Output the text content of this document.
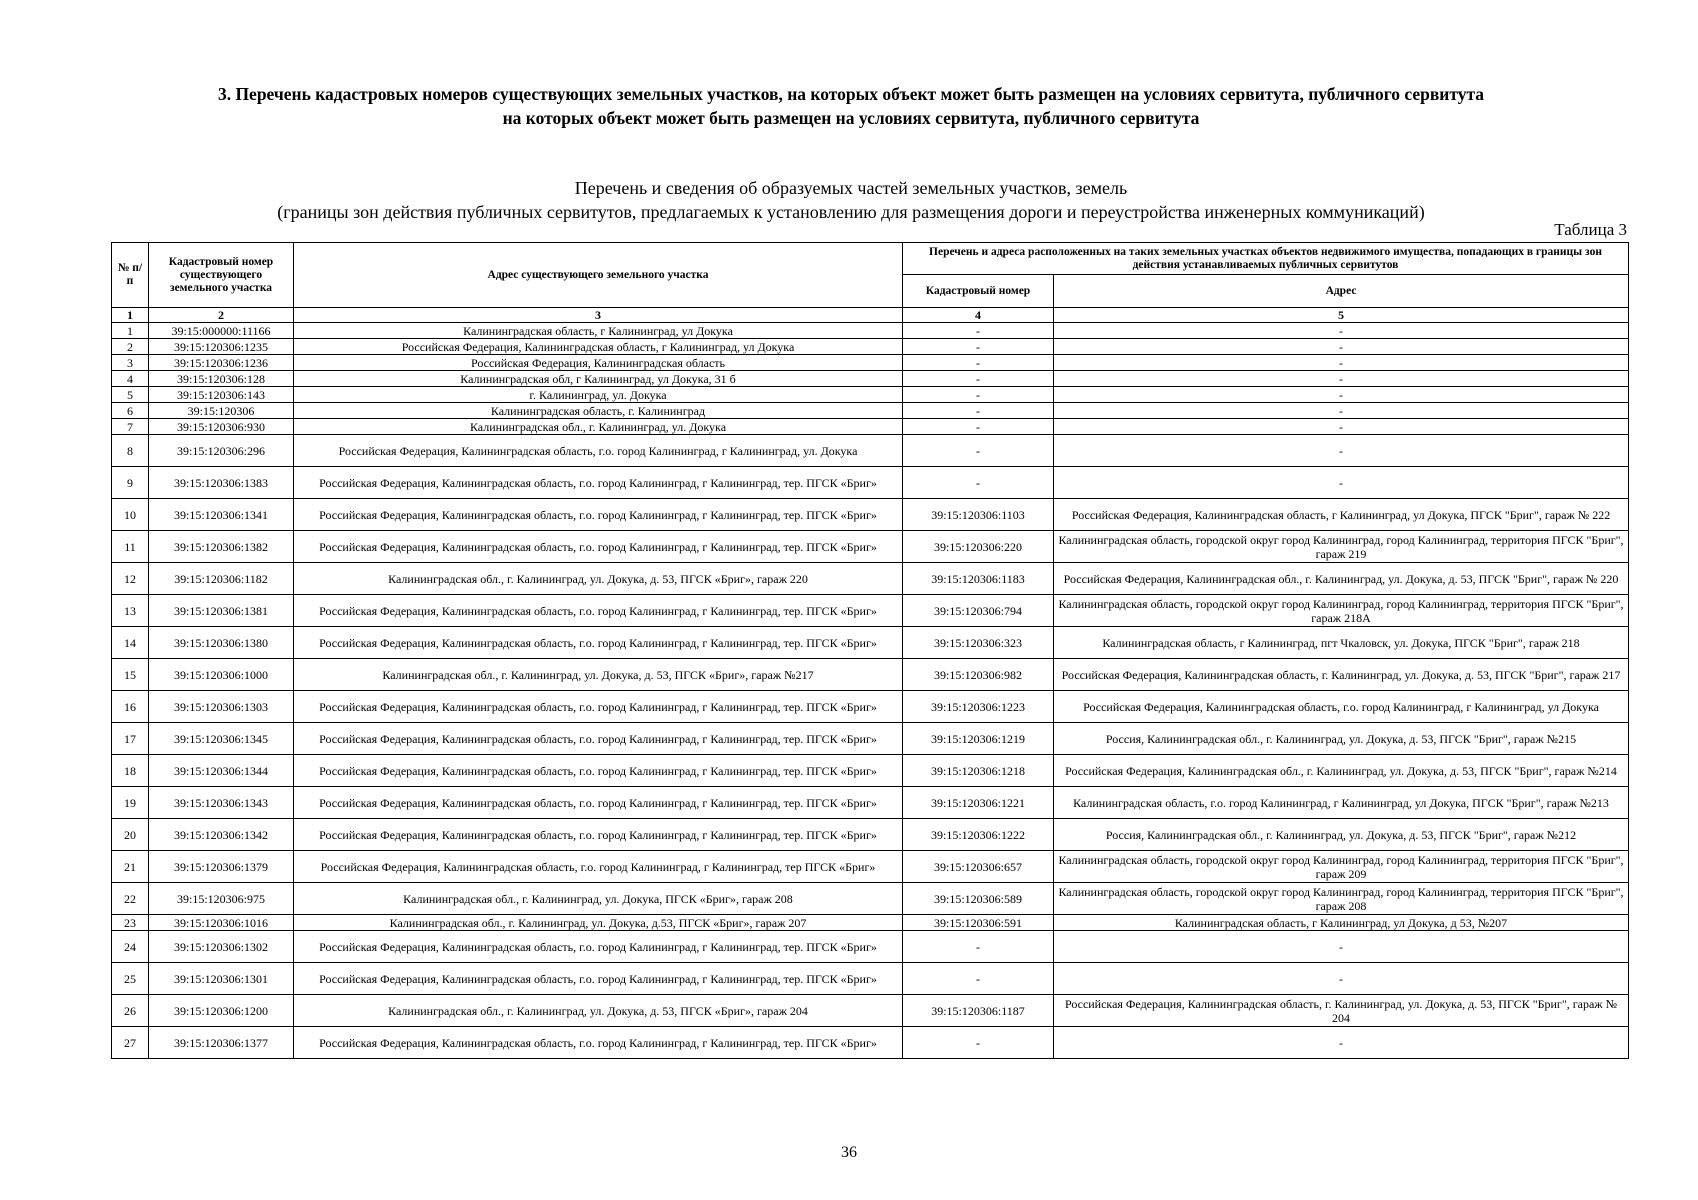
3. Перечень кадастровых номеров существующих земельных участков, на которых объект может быть размещен на условиях сервитута, публичного сервитута
на которых объект может быть размещен на условиях сервитута, публичного сервитута
Перечень и сведения об образуемых частей земельных участков, земель
(границы зон действия публичных сервитутов, предлагаемых к установлению для размещения дороги и переустройства инженерных коммуникаций)
Таблица 3
№ п/п	Кадастровый номер существующего земельного участка	Адрес существующего земельного участка	Перечень и адреса расположенных на таких земельных участках объектов недвижимого имущества, попадающих в границы зон действия устанавливаемых публичных сервитутов	
			Кадастровый номер	Адрес
1	2	3	4	5
1	39:15:000000:11166	Калининградская область, г Калининград, ул Докука	-	-
2	39:15:120306:1235	Российская Федерация, Калининградская область, г Калининград, ул Докука	-	-
3	39:15:120306:1236	Российская Федерация, Калининградская область	-	-
4	39:15:120306:128	Калининградская обл, г Калининград, ул Докука, 31 б	-	-
5	39:15:120306:143	г. Калининград, ул. Докука	-	-
6	39:15:120306	Калининградская область, г. Калининград	-	-
7	39:15:120306:930	Калининградская обл., г. Калининград, ул. Докука	-	-
8	39:15:120306:296	Российская Федерация, Калининградская область, г.о. город Калининград, г Калининград, ул. Докука	-	-
9	39:15:120306:1383	Российская Федерация, Калининградская область, г.о. город Калининград, г Калининград, тер. ПГСК «Бриг»	-	-
10	39:15:120306:1341	Российская Федерация, Калининградская область, г.о. город Калининград, г Калининград, тер. ПГСК «Бриг»	39:15:120306:1103	Российская Федерация, Калининградская область, г Калининград, ул Докука, ПГСК "Бриг", гараж № 222
11	39:15:120306:1382	Российская Федерация, Калининградская область, г.о. город Калининград, г Калининград, тер. ПГСК «Бриг»	39:15:120306:220	Калининградская область, городской округ город Калининград, город Калининград, территория ПГСК "Бриг", гараж 219
12	39:15:120306:1182	Калининградская обл., г. Калининград, ул. Докука, д. 53, ПГСК «Бриг», гараж 220	39:15:120306:1183	Российская Федерация, Калининградская обл., г. Калининград, ул. Докука, д. 53, ПГСК "Бриг", гараж № 220
13	39:15:120306:1381	Российская Федерация, Калининградская область, г.о. город Калининград, г Калининград, тер. ПГСК «Бриг»	39:15:120306:794	Калининградская область, городской округ город Калининград, город Калининград, территория ПГСК "Бриг", гараж 218А
14	39:15:120306:1380	Российская Федерация, Калининградская область, г.о. город Калининград, г Калининград, тер. ПГСК «Бриг»	39:15:120306:323	Калининградская область, г Калининград, пгт Чкаловск, ул. Докука, ПГСК "Бриг", гараж 218
15	39:15:120306:1000	Калининградская обл., г. Калининград, ул. Докука, д. 53, ПГСК «Бриг», гараж №217	39:15:120306:982	Российская Федерация, Калининградская область, г. Калининград, ул. Докука, д. 53, ПГСК "Бриг", гараж 217
16	39:15:120306:1303	Российская Федерация, Калининградская область, г.о. город Калининград, г Калининград, тер. ПГСК «Бриг»	39:15:120306:1223	Российская Федерация, Калининградская область, г.о. город Калининград, г Калининград, ул Докука
17	39:15:120306:1345	Российская Федерация, Калининградская область, г.о. город Калининград, г Калининград, тер. ПГСК «Бриг»	39:15:120306:1219	Россия, Калининградская обл., г. Калининград, ул. Докука, д. 53, ПГСК "Бриг", гараж №215
18	39:15:120306:1344	Российская Федерация, Калининградская область, г.о. город Калининград, г Калининград, тер. ПГСК «Бриг»	39:15:120306:1218	Российская Федерация, Калининградская обл., г. Калининград, ул. Докука, д. 53, ПГСК "Бриг", гараж №214
19	39:15:120306:1343	Российская Федерация, Калининградская область, г.о. город Калининград, г Калининград, тер. ПГСК «Бриг»	39:15:120306:1221	Калининградская область, г.о. город Калининград, г Калининград, ул Докука, ПГСК "Бриг", гараж №213
20	39:15:120306:1342	Российская Федерация, Калининградская область, г.о. город Калининград, г Калининград, тер. ПГСК «Бриг»	39:15:120306:1222	Россия, Калининградская обл., г. Калининград, ул. Докука, д. 53, ПГСК "Бриг", гараж №212
21	39:15:120306:1379	Российская Федерация, Калининградская область, г.о. город Калининград, г Калининград, тер ПГСК «Бриг»	39:15:120306:657	Калининградская область, городской округ город Калининград, город Калининград, территория ПГСК "Бриг", гараж 209
22	39:15:120306:975	Калининградская обл., г. Калининград, ул. Докука, ПГСК «Бриг», гараж 208	39:15:120306:589	Калининградская область, городской округ город Калининград, город Калининград, территория ПГСК "Бриг", гараж 208
23	39:15:120306:1016	Калининградская обл., г. Калининград, ул. Докука, д.53, ПГСК «Бриг», гараж 207	39:15:120306:591	Калининградская область, г Калининград, ул Докука, д 53, №207
24	39:15:120306:1302	Российская Федерация, Калининградская область, г.о. город Калининград, г Калининград, тер. ПГСК «Бриг»	-	-
25	39:15:120306:1301	Российская Федерация, Калининградская область, г.о. город Калининград, г Калининград, тер. ПГСК «Бриг»	-	-
26	39:15:120306:1200	Калининградская обл., г. Калининград, ул. Докука, д. 53, ПГСК «Бриг», гараж 204	39:15:120306:1187	Российская Федерация, Калининградская область, г. Калининград, ул. Докука, д. 53, ПГСК "Бриг", гараж № 204
27	39:15:120306:1377	Российская Федерация, Калининградская область, г.о. город Калининград, г Калининград, тер. ПГСК «Бриг»	-	-
36
